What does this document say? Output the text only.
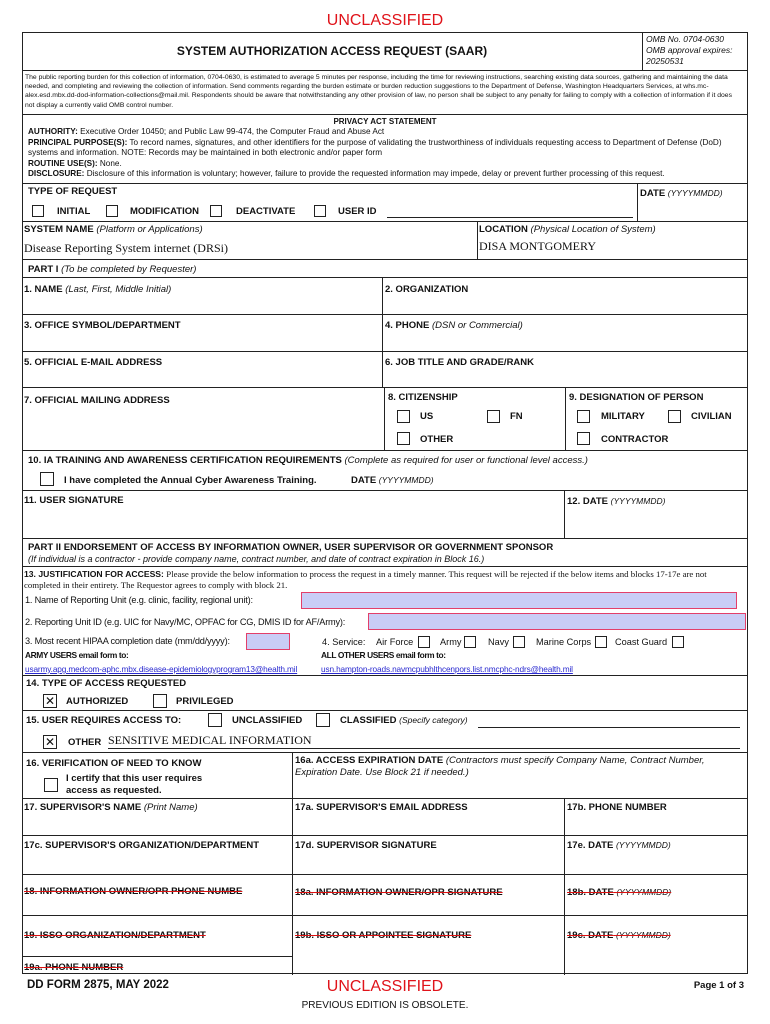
UNCLASSIFIED
SYSTEM AUTHORIZATION ACCESS REQUEST (SAAR)
OMB No. 0704-0630
OMB approval expires:
20250531
The public reporting burden for this collection of information, 0704-0630, is estimated to average 5 minutes per response, including the time for reviewing instructions, searching existing data sources, gathering and maintaining the data needed, and completing and reviewing the collection of information. Send comments regarding the burden estimate or burden reduction suggestions to the Department of Defense, Washington Headquarters Services, at whs.mc-alex.esd.mbx.dd-dod-information-collections@mail.mil. Respondents should be aware that notwithstanding any other provision of law, no person shall be subject to any penalty for failing to comply with a collection of information if it does not display a currently valid OMB control number.
PRIVACY ACT STATEMENT
AUTHORITY: Executive Order 10450; and Public Law 99-474, the Computer Fraud and Abuse Act
PRINCIPAL PURPOSE(S): To record names, signatures, and other identifiers for the purpose of validating the trustworthiness of individuals requesting access to Department of Defense (DoD) systems and information. NOTE: Records may be maintained in both electronic and/or paper form
ROUTINE USE(S): None.
DISCLOSURE: Disclosure of this information is voluntary; however, failure to provide the requested information may impede, delay or prevent further processing of this request.
TYPE OF REQUEST	DATE (YYYYMMDD)
INITIAL	MODIFICATION	DEACTIVATE	USER ID
SYSTEM NAME (Platform or Applications)
Disease Reporting System internet (DRSi)
LOCATION (Physical Location of System)
DISA MONTGOMERY
PART I (To be completed by Requester)
1. NAME (Last, First, Middle Initial)	2. ORGANIZATION
3. OFFICE SYMBOL/DEPARTMENT	4. PHONE (DSN or Commercial)
5. OFFICIAL E-MAIL ADDRESS	6. JOB TITLE AND GRADE/RANK
7. OFFICIAL MAILING ADDRESS	8. CITIZENSHIP
US	FN
OTHER
9. DESIGNATION OF PERSON
MILITARY	CIVILIAN
CONTRACTOR
10. IA TRAINING AND AWARENESS CERTIFICATION REQUIREMENTS (Complete as required for user or functional level access.)
I have completed the Annual Cyber Awareness Training.	DATE (YYYYMMDD)
11. USER SIGNATURE	12. DATE (YYYYMMDD)
PART II ENDORSEMENT OF ACCESS BY INFORMATION OWNER, USER SUPERVISOR OR GOVERNMENT SPONSOR
(If individual is a contractor - provide company name, contract number, and date of contract expiration in Block 16.)
13. JUSTIFICATION FOR ACCESS: Please provide the below information to process the request in a timely manner. This request will be rejected if the below items and blocks 17-17e are not completed in their entirety. The Requestor agrees to comply with block 21.
1. Name of Reporting Unit (e.g. clinic, facility, regional unit):
2. Reporting Unit ID (e.g. UIC for Navy/MC, OPFAC for CG, DMIS ID for AF/Army):
3. Most recent HIPAA completion date (mm/dd/yyyy):	4. Service: Air Force	Army	Navy	Marine Corps	Coast Guard
ARMY USERS email form to:
usarmy.apg.medcom-aphc.mbx.disease-epidemiologyprogram13@health.mil
ALL OTHER USERS email form to:
usn.hampton-roads.navmcpubhlthcenpors.list.nmcphc-ndrs@health.mil
14. TYPE OF ACCESS REQUESTED
✕ AUTHORIZED	PRIVILEGED
15. USER REQUIRES ACCESS TO:	UNCLASSIFIED	CLASSIFIED (Specify category)
✕ OTHER SENSITIVE MEDICAL INFORMATION
16. VERIFICATION OF NEED TO KNOW
I certify that this user requires access as requested.
16a. ACCESS EXPIRATION DATE (Contractors must specify Company Name, Contract Number, Expiration Date. Use Block 21 if needed.)
17. SUPERVISOR'S NAME (Print Name)	17a. SUPERVISOR'S EMAIL ADDRESS	17b. PHONE NUMBER
17c. SUPERVISOR'S ORGANIZATION/DEPARTMENT	17d. SUPERVISOR SIGNATURE	17e. DATE (YYYYMMDD)
18. INFORMATION OWNER/OPR PHONE NUMBE	18a. INFORMATION OWNER/OPR SIGNATURE	18b. DATE (YYYYMMDD)
19. ISSO ORGANIZATION/DEPARTMENT	19b. ISSO OR APPOINTEE SIGNATURE	19c. DATE (YYYYMMDD)
19a. PHONE NUMBER
DD FORM 2875, MAY 2022	UNCLASSIFIED	Page 1 of 3
PREVIOUS EDITION IS OBSOLETE.
